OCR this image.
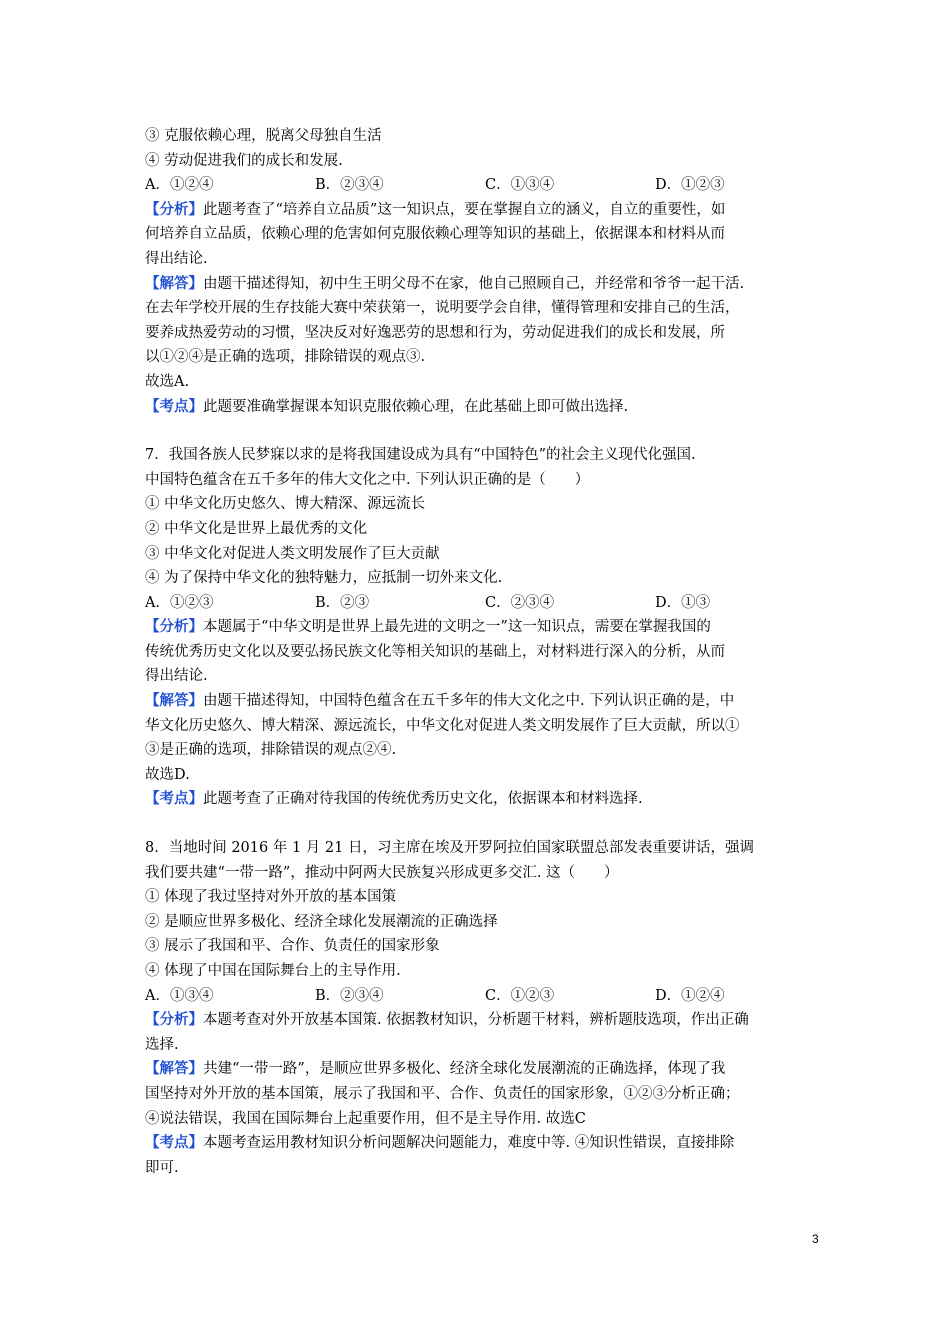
③ 克服依赖心理，脱离父母独自生活
④ 劳动促进我们的成长和发展.
A．①②④	B．②③④	C．①③④	D．①②③
【分析】此题考查了“培养自立品质”这一知识点，要在掌握自立的涵义，自立的重要性，如
何培养自立品质，依赖心理的危害如何克服依赖心理等知识的基础上，依据课本和材料从而
得出结论.
【解答】由题干描述得知，初中生王明父母不在家，他自己照顾自己，并经常和爷爷一起干活.
在去年学校开展的生存技能大赛中荣获第一，说明要学会自律，懂得管理和安排自己的生活，
要养成热爱劳动的习惯，坚决反对好逸恶劳的思想和行为，劳动促进我们的成长和发展，所
以①②④是正确的选项，排除错误的观点③.
故选A.
【考点】此题要准确掌握课本知识克服依赖心理，在此基础上即可做出选择.
7．我国各族人民梦寐以求的是将我国建设成为具有“中国特色”的社会主义现代化强国.
中国特色蕴含在五千多年的伟大文化之中. 下列认识正确的是（　　）
① 中华文化历史悠久、博大精深、源远流长
② 中华文化是世界上最优秀的文化
③ 中华文化对促进人类文明发展作了巨大贡献
④ 为了保持中华文化的独特魅力，应抵制一切外来文化.
A．①②③	B．②③	C．②③④	D．①③
【分析】本题属于“中华文明是世界上最先进的文明之一”这一知识点，需要在掌握我国的
传统优秀历史文化以及要弘扬民族文化等相关知识的基础上，对材料进行深入的分析，从而
得出结论.
【解答】由题干描述得知，中国特色蕴含在五千多年的伟大文化之中. 下列认识正确的是，中
华文化历史悠久、博大精深、源远流长，中华文化对促进人类文明发展作了巨大贡献，所以①
③是正确的选项，排除错误的观点②④.
故选D.
【考点】此题考查了正确对待我国的传统优秀历史文化，依据课本和材料选择.
8．当地时间 2016 年 1 月 21 日，习主席在埃及开罗阿拉伯国家联盟总部发表重要讲话，强调
我们要共建“一带一路”，推动中阿两大民族复兴形成更多交汇. 这（　　）
① 体现了我过坚持对外开放的基本国策
② 是顺应世界多极化、经济全球化发展潮流的正确选择
③ 展示了我国和平、合作、负责任的国家形象
④ 体现了中国在国际舞台上的主导作用.
A．①③④	B．②③④	C．①②③	D．①②④
【分析】本题考查对外开放基本国策. 依据教材知识，分析题干材料，辨析题肢选项，作出正确
选择.
【解答】共建“一带一路”，是顺应世界多极化、经济全球化发展潮流的正确选择，体现了我
国坚持对外开放的基本国策，展示了我国和平、合作、负责任的国家形象，①②③分析正确；
④说法错误，我国在国际舞台上起重要作用，但不是主导作用. 故选C
【考点】本题考查运用教材知识分析问题解决问题能力，难度中等. ④知识性错误，直接排除
即可.
3
